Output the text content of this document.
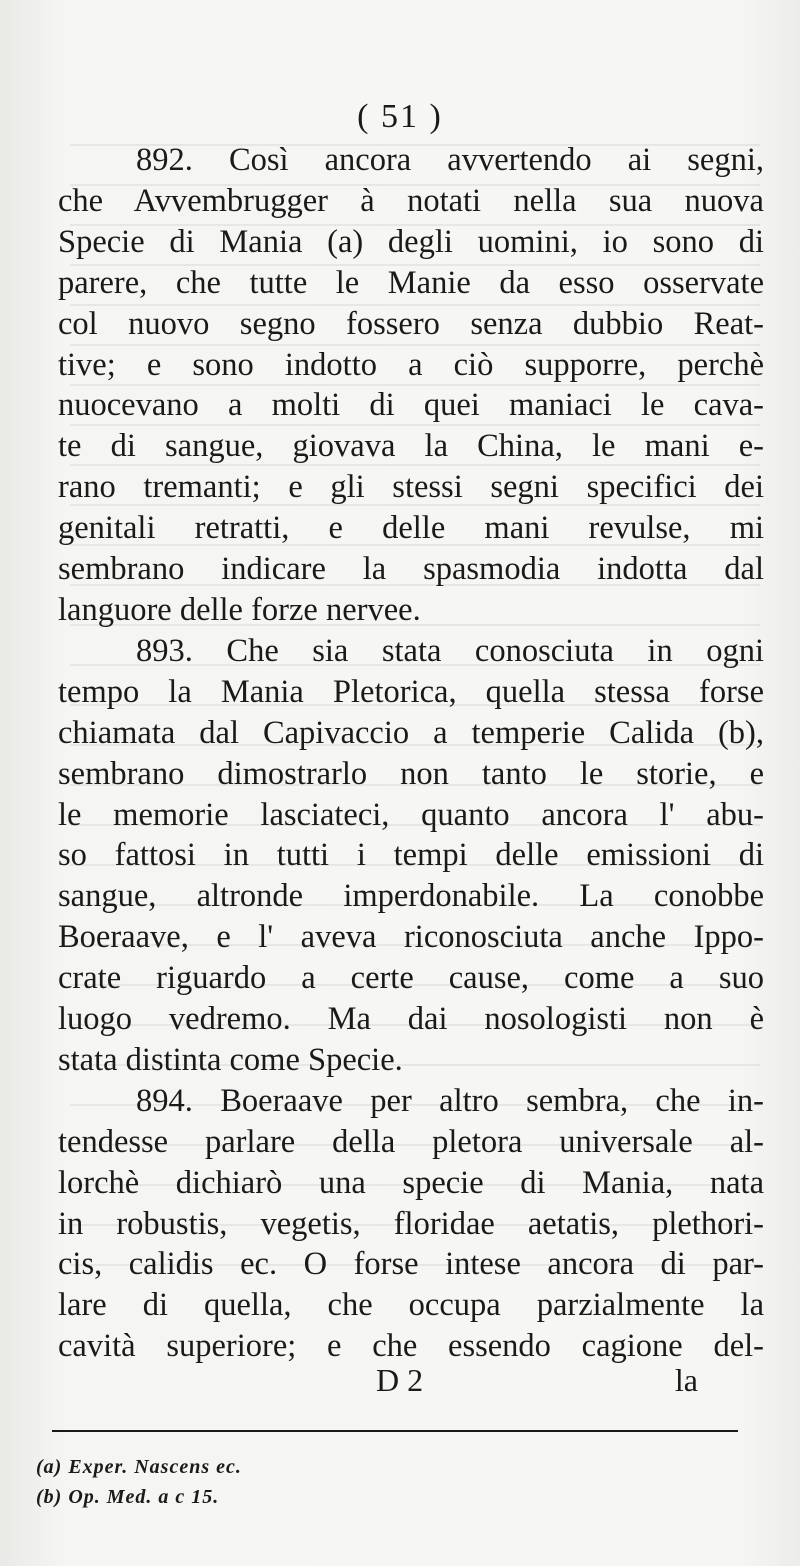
( 51 )
892. Così ancora avvertendo ai segni,
che Avvembrugger à notati nella sua nuova
Specie di Mania (a) degli uomini, io sono di
parere, che tutte le Manie da esso osservate
col nuovo segno fossero senza dubbio Reat-
tive; e sono indotto a ciò supporre, perchè
nuocevano a molti di quei maniaci le cava-
te di sangue, giovava la China, le mani e-
rano tremanti; e gli stessi segni specifici dei
genitali retratti, e delle mani revulse, mi
sembrano indicare la spasmodia indotta dal
languore delle forze nervee.
893. Che sia stata conosciuta in ogni
tempo la Mania Pletorica, quella stessa forse
chiamata dal Capivaccio a temperie Calida (b),
sembrano dimostrarlo non tanto le storie, e
le memorie lasciateci, quanto ancora l' abu-
so fattosi in tutti i tempi delle emissioni di
sangue, altronde imperdonabile. La conobbe
Boeraave, e l' aveva riconosciuta anche Ippo-
crate riguardo a certe cause, come a suo
luogo vedremo. Ma dai nosologisti non è
stata distinta come Specie.
894. Boeraave per altro sembra, che in-
tendesse parlare della pletora universale al-
lorchè dichiarò una specie di Mania, nata
in robustis, vegetis, floridae aetatis, plethori-
cis, calidis ec. O forse intese ancora di par-
lare di quella, che occupa parzialmente la
cavità superiore; e che essendo cagione del-
D 2	la
(a) Exper. Nascens ec.
(b) Op. Med. a c 15.
